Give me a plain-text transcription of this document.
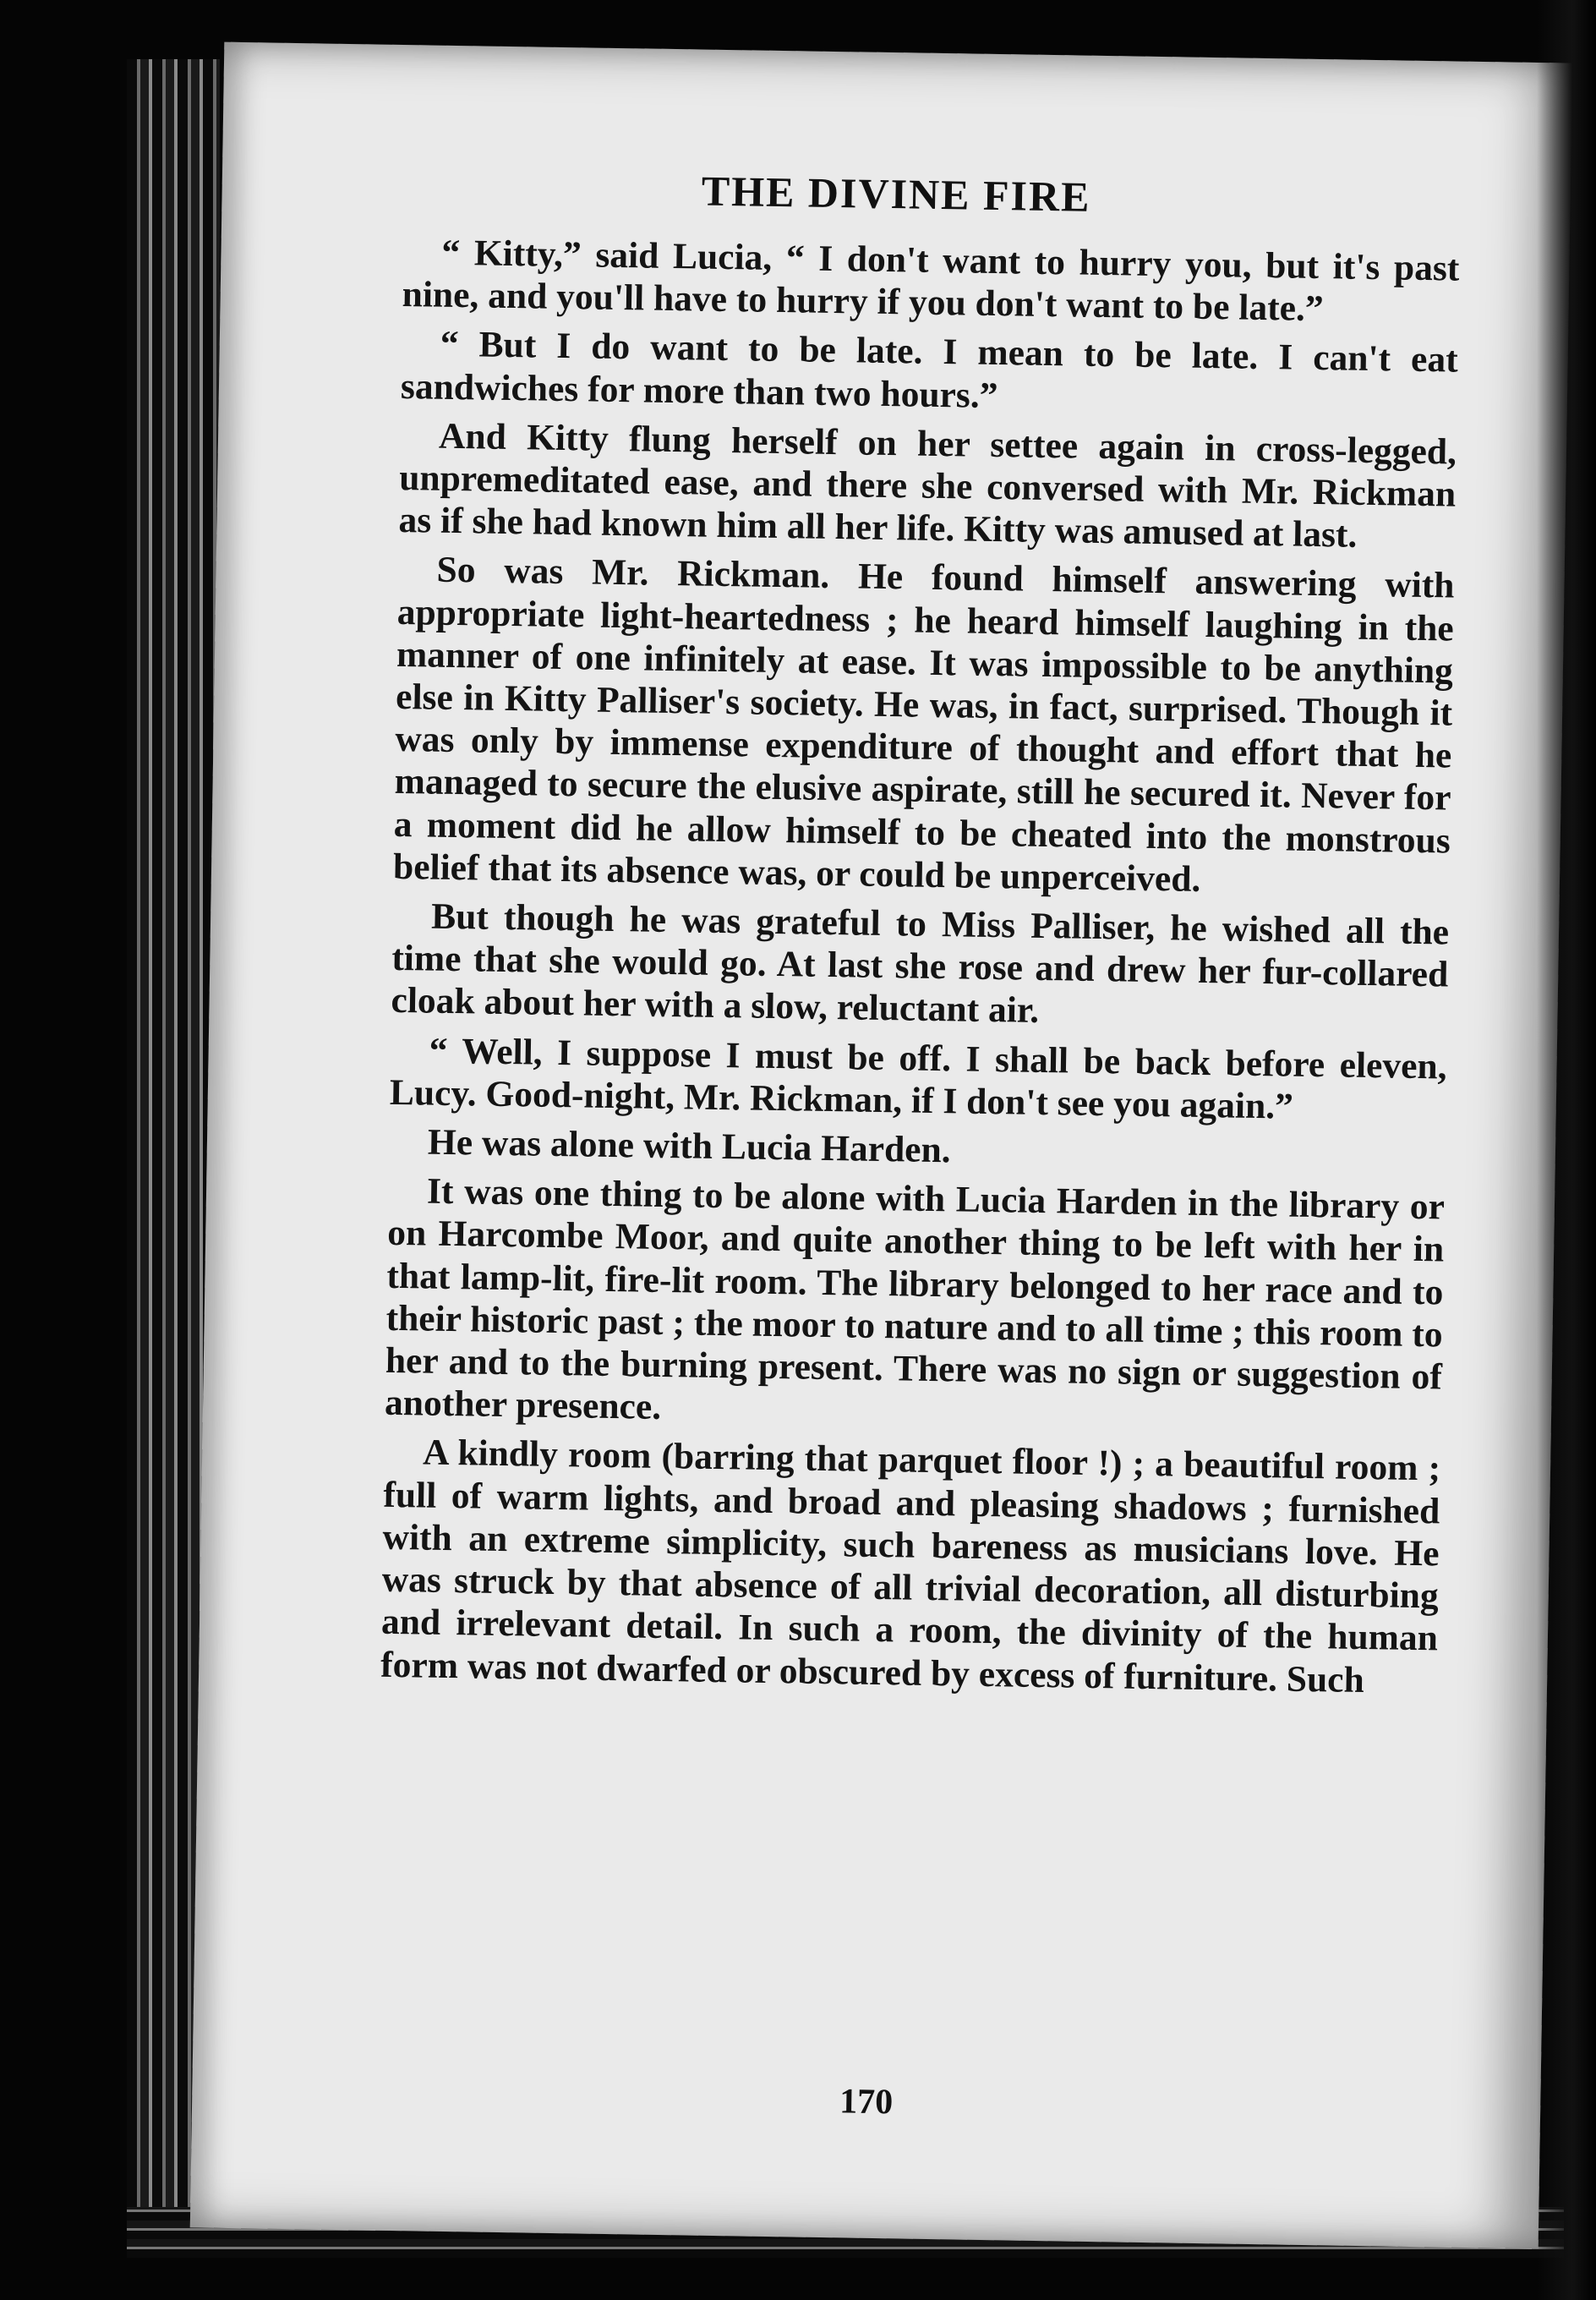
THE DIVINE FIRE

“ Kitty,” said Lucia, “ I don't want to hurry you, but it's past nine, and you'll have to hurry if you don't want to be late.”

“ But I do want to be late. I mean to be late. I can't eat sandwiches for more than two hours.”

And Kitty flung herself on her settee again in cross-legged, unpremeditated ease, and there she conversed with Mr. Rickman as if she had known him all her life. Kitty was amused at last.

So was Mr. Rickman. He found himself answering with appropriate light-heartedness ; he heard himself laughing in the manner of one infinitely at ease. It was impossible to be anything else in Kitty Palliser's society. He was, in fact, surprised. Though it was only by immense expenditure of thought and effort that he managed to secure the elusive aspirate, still he secured it. Never for a moment did he allow himself to be cheated into the monstrous belief that its absence was, or could be unperceived.

But though he was grateful to Miss Palliser, he wished all the time that she would go. At last she rose and drew her fur-collared cloak about her with a slow, reluctant air.

“ Well, I suppose I must be off. I shall be back before eleven, Lucy. Good-night, Mr. Rickman, if I don't see you again.”

He was alone with Lucia Harden.

It was one thing to be alone with Lucia Harden in the library or on Harcombe Moor, and quite another thing to be left with her in that lamp-lit, fire-lit room. The library belonged to her race and to their historic past ; the moor to nature and to all time ; this room to her and to the burning present. There was no sign or suggestion of another presence.

A kindly room (barring that parquet floor !) ; a beautiful room ; full of warm lights, and broad and pleasing shadows ; furnished with an extreme simplicity, such bareness as musicians love. He was struck by that absence of all trivial decoration, all disturbing and irrelevant detail. In such a room, the divinity of the human form was not dwarfed or obscured by excess of furniture. Such

170
